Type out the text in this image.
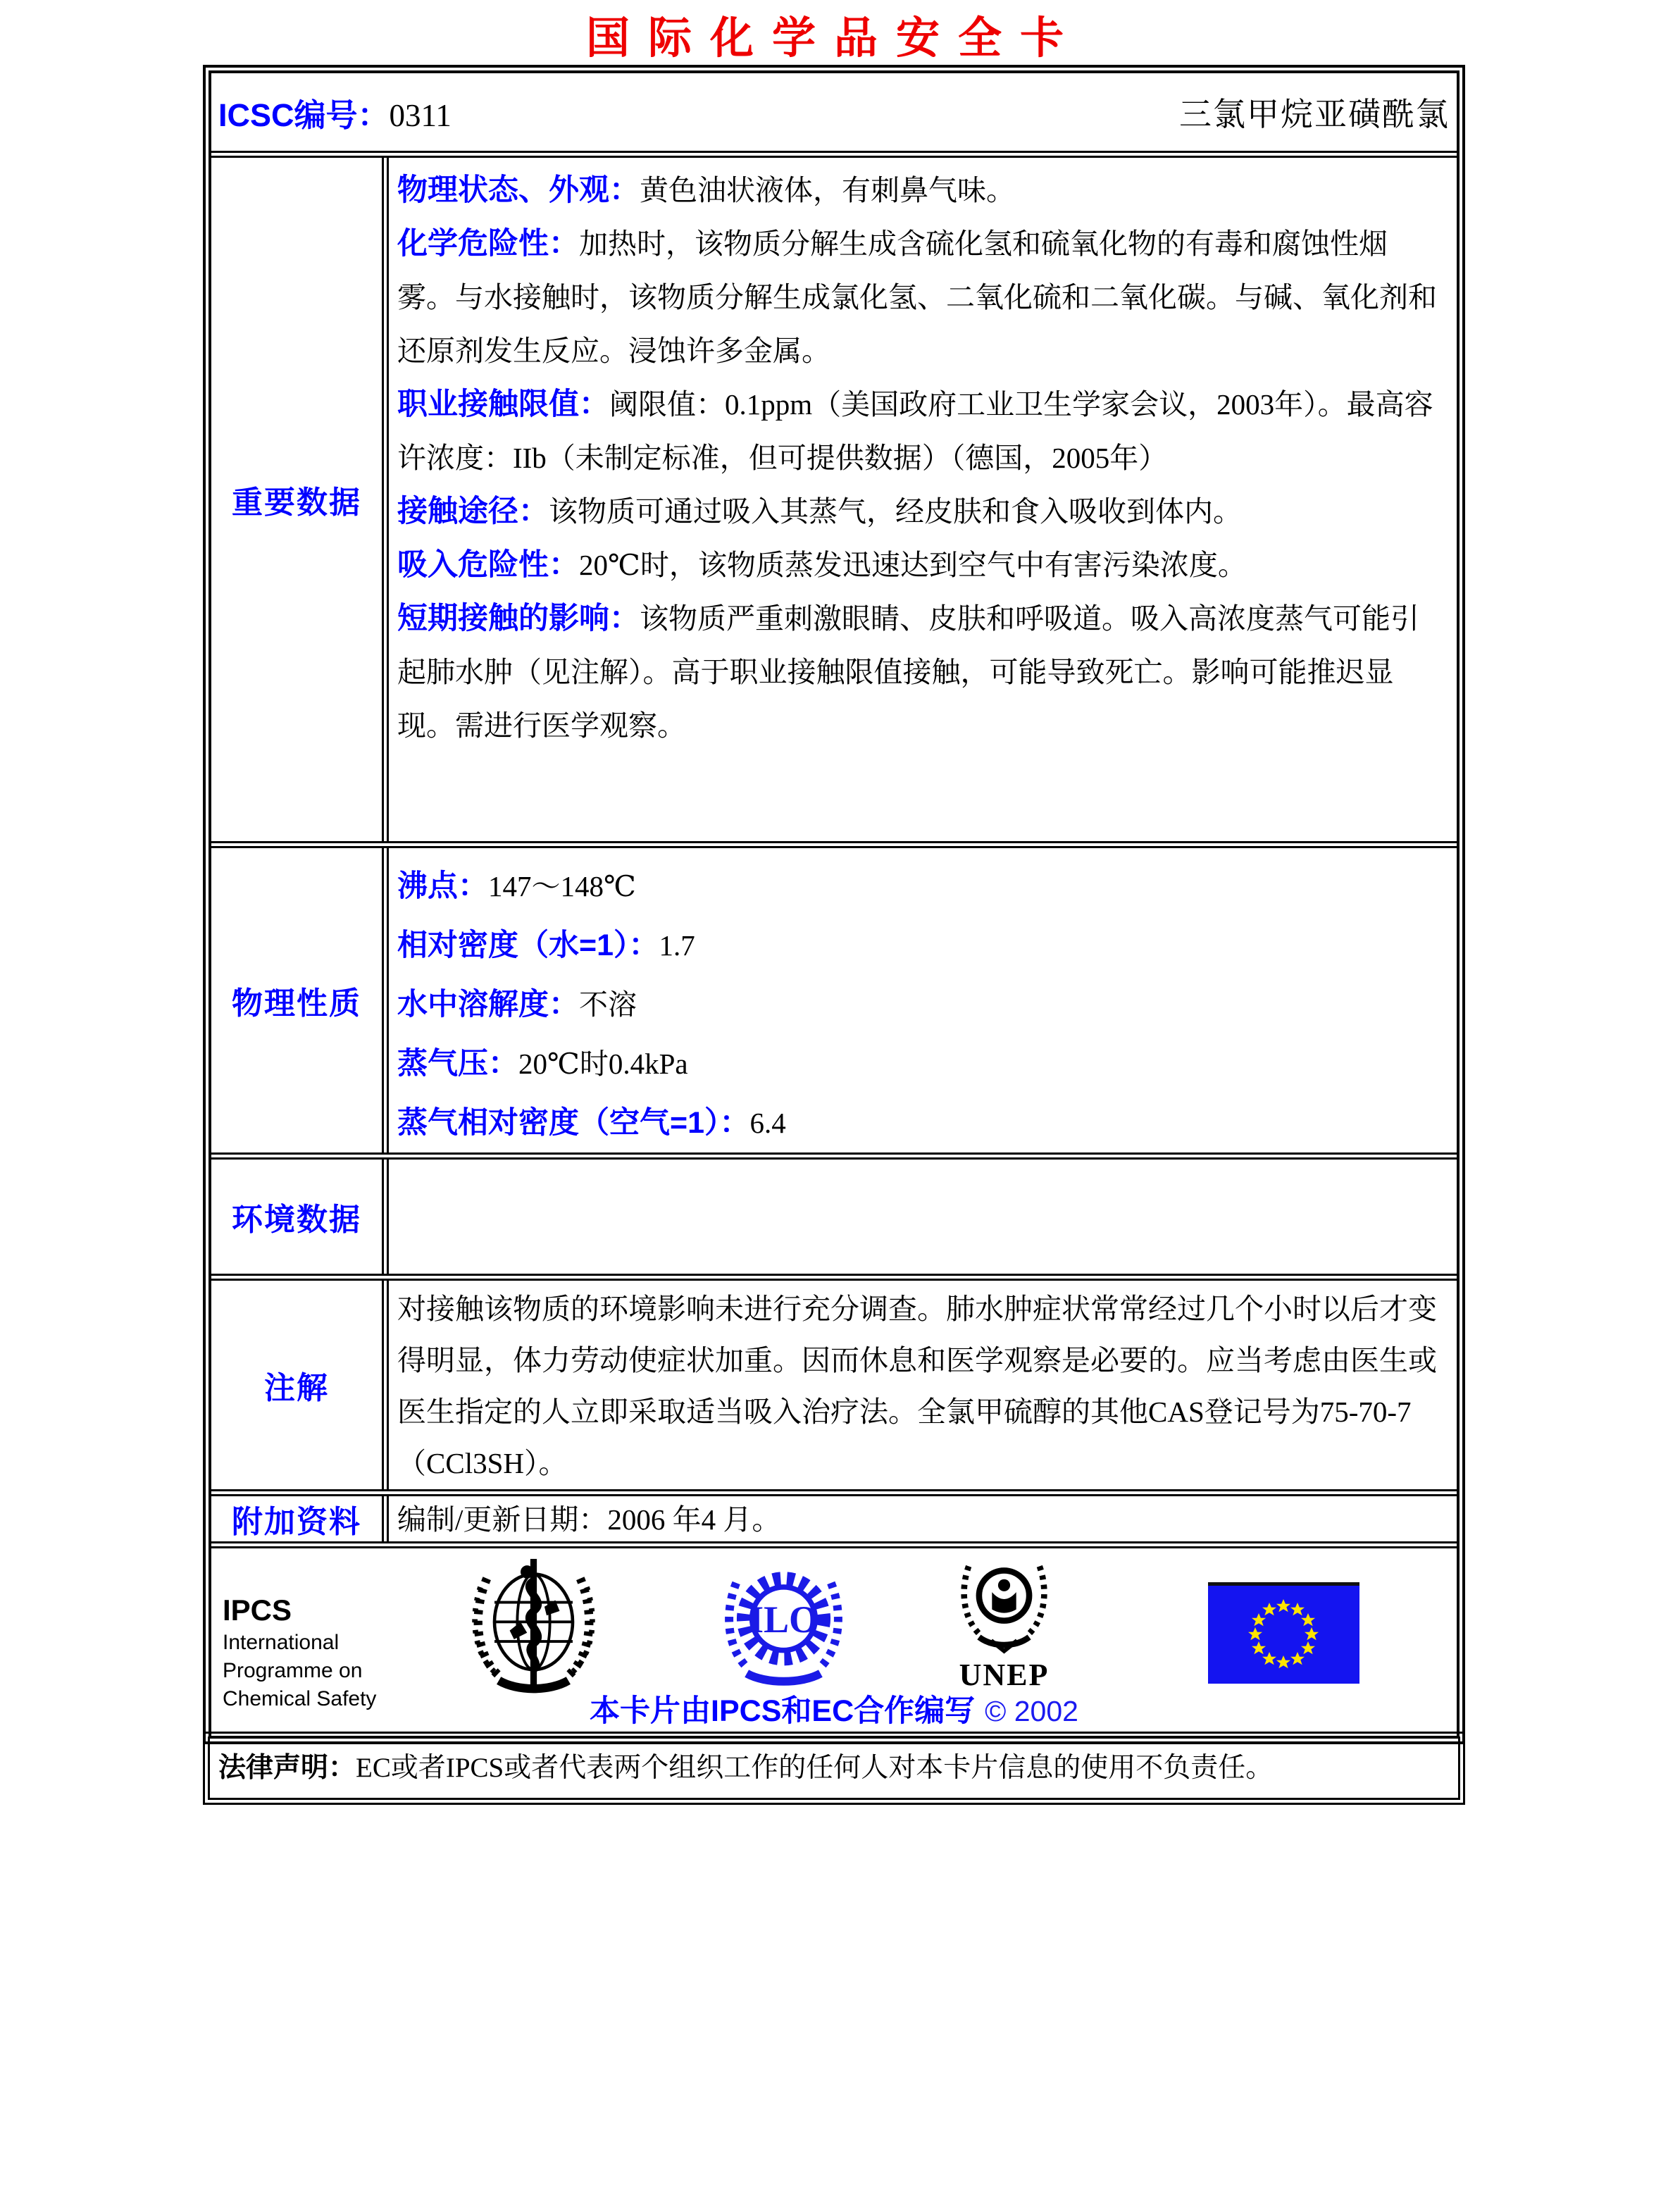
国际化学品安全卡
ICSC编号：0311	三氯甲烷亚磺酰氯
重要数据
物理状态、外观：黄色油状液体，有刺鼻气味。
化学危险性：加热时，该物质分解生成含硫化氢和硫氧化物的有毒和腐蚀性烟雾。与水接触时，该物质分解生成氯化氢、二氧化硫和二氧化碳。与碱、氧化剂和还原剂发生反应。浸蚀许多金属。
职业接触限值：阈限值：0.1ppm（美国政府工业卫生学家会议，2003年）。最高容许浓度：IIb（未制定标准，但可提供数据）（德国，2005年）
接触途径：该物质可通过吸入其蒸气，经皮肤和食入吸收到体内。
吸入危险性：20℃时，该物质蒸发迅速达到空气中有害污染浓度。
短期接触的影响：该物质严重刺激眼睛、皮肤和呼吸道。吸入高浓度蒸气可能引起肺水肿（见注解）。高于职业接触限值接触，可能导致死亡。影响可能推迟显现。需进行医学观察。
物理性质
沸点：147～148℃
相对密度（水=1）：1.7
水中溶解度：不溶
蒸气压：20℃时0.4kPa
蒸气相对密度（空气=1）：6.4
环境数据
注解
对接触该物质的环境影响未进行充分调查。肺水肿症状常常经过几个小时以后才变得明显，体力劳动使症状加重。因而休息和医学观察是必要的。应当考虑由医生或医生指定的人立即采取适当吸入治疗法。全氯甲硫醇的其他CAS登记号为75-70-7（CCl3SH）。
附加资料	编制/更新日期：2006 年4 月。
IPCS
International
Programme on
Chemical Safety
ILO
UNEP
本卡片由IPCS和EC合作编写 © 2002
法律声明：EC或者IPCS或者代表两个组织工作的任何人对本卡片信息的使用不负责任。
